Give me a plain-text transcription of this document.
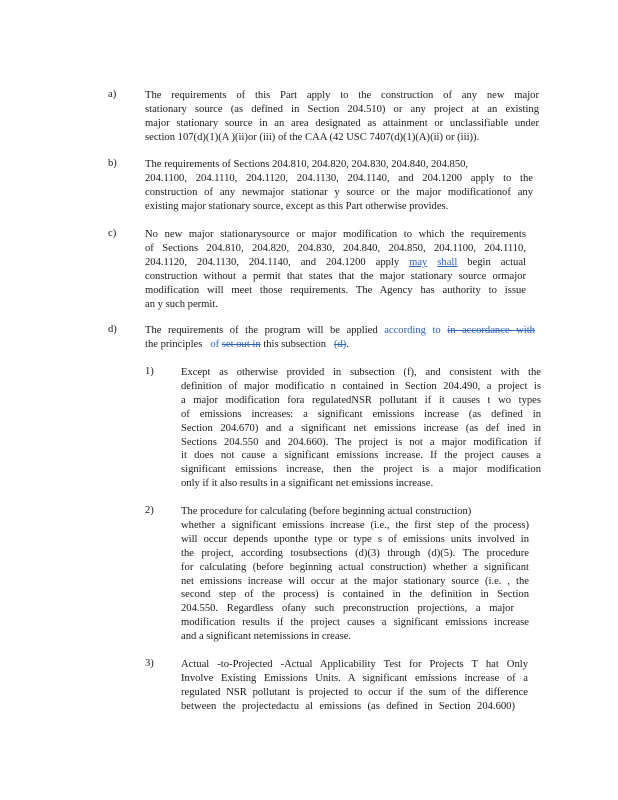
a)	The requirements of this Part apply to the construction of any new major
stationary source (as defined in Section 204.510) or any project at an existing
major stationary source in an area designated as attainment or unclassifiable under
section 107(d)(1)(A )(ii)or (iii) of the CAA (42 USC 7407(d)(1)(A)(ii) or (iii)).
b)	The requirements of Sections 204.810, 204.820, 204.830, 204.840, 204.850,
204.1100, 204.1110, 204.1120, 204.1130, 204.1140, and 204.1200 apply to the
construction of any newmajor stationar y source or the major modificationof any
existing major stationary source, except as this Part otherwise provides.
c)	No new major stationarysource or major modification to which the requirements
of Sections 204.810, 204.820, 204.830, 204.840, 204.850, 204.1100, 204.1110,
204.1120, 204.1130, 204.1140, and 204.1200 apply may shall begin actual
construction without a permit that states that the major stationary source ormajor
modification will meet those requirements. The Agency has authority to issue
an y such permit.
d)	The requirements of the program will be applied according to in accordance with
the principles of set out in this subsection (d).
1)	Except as otherwise provided in subsection (f), and consistent with the
definition of major modificatio n contained in Section 204.490, a project is
a major modification fora regulatedNSR pollutant if it causes t wo types
of emissions increases: a significant emissions increase (as defined in
Section 204.670) and a significant net emissions increase (as def ined in
Sections 204.550 and 204.660). The project is not a major modification if
it does not cause a significant emissions increase. If the project causes a
significant emissions increase, then the project is a major modification
only if it also results in a significant net emissions increase.
2)	The procedure for calculating (before beginning actual construction)
whether a significant emissions increase (i.e., the first step of the process)
will occur depends uponthe type or type s of emissions units involved in
the project, according tosubsections (d)(3) through (d)(5). The procedure
for calculating (before beginning actual construction) whether a significant
net emissions increase will occur at the major stationary source (i.e. , the
second step of the process) is contained in the definition in Section
204.550. Regardless ofany such preconstruction projections, a major
modification results if the project causes a significant emissions increase
and a significant netemissions in crease.
3)	Actual -to-Projected -Actual Applicability Test for Projects T hat Only
Involve Existing Emissions Units. A significant emissions increase of a
regulated NSR pollutant is projected to occur if the sum of the difference
between the projectedactu al emissions (as defined in Section 204.600)
